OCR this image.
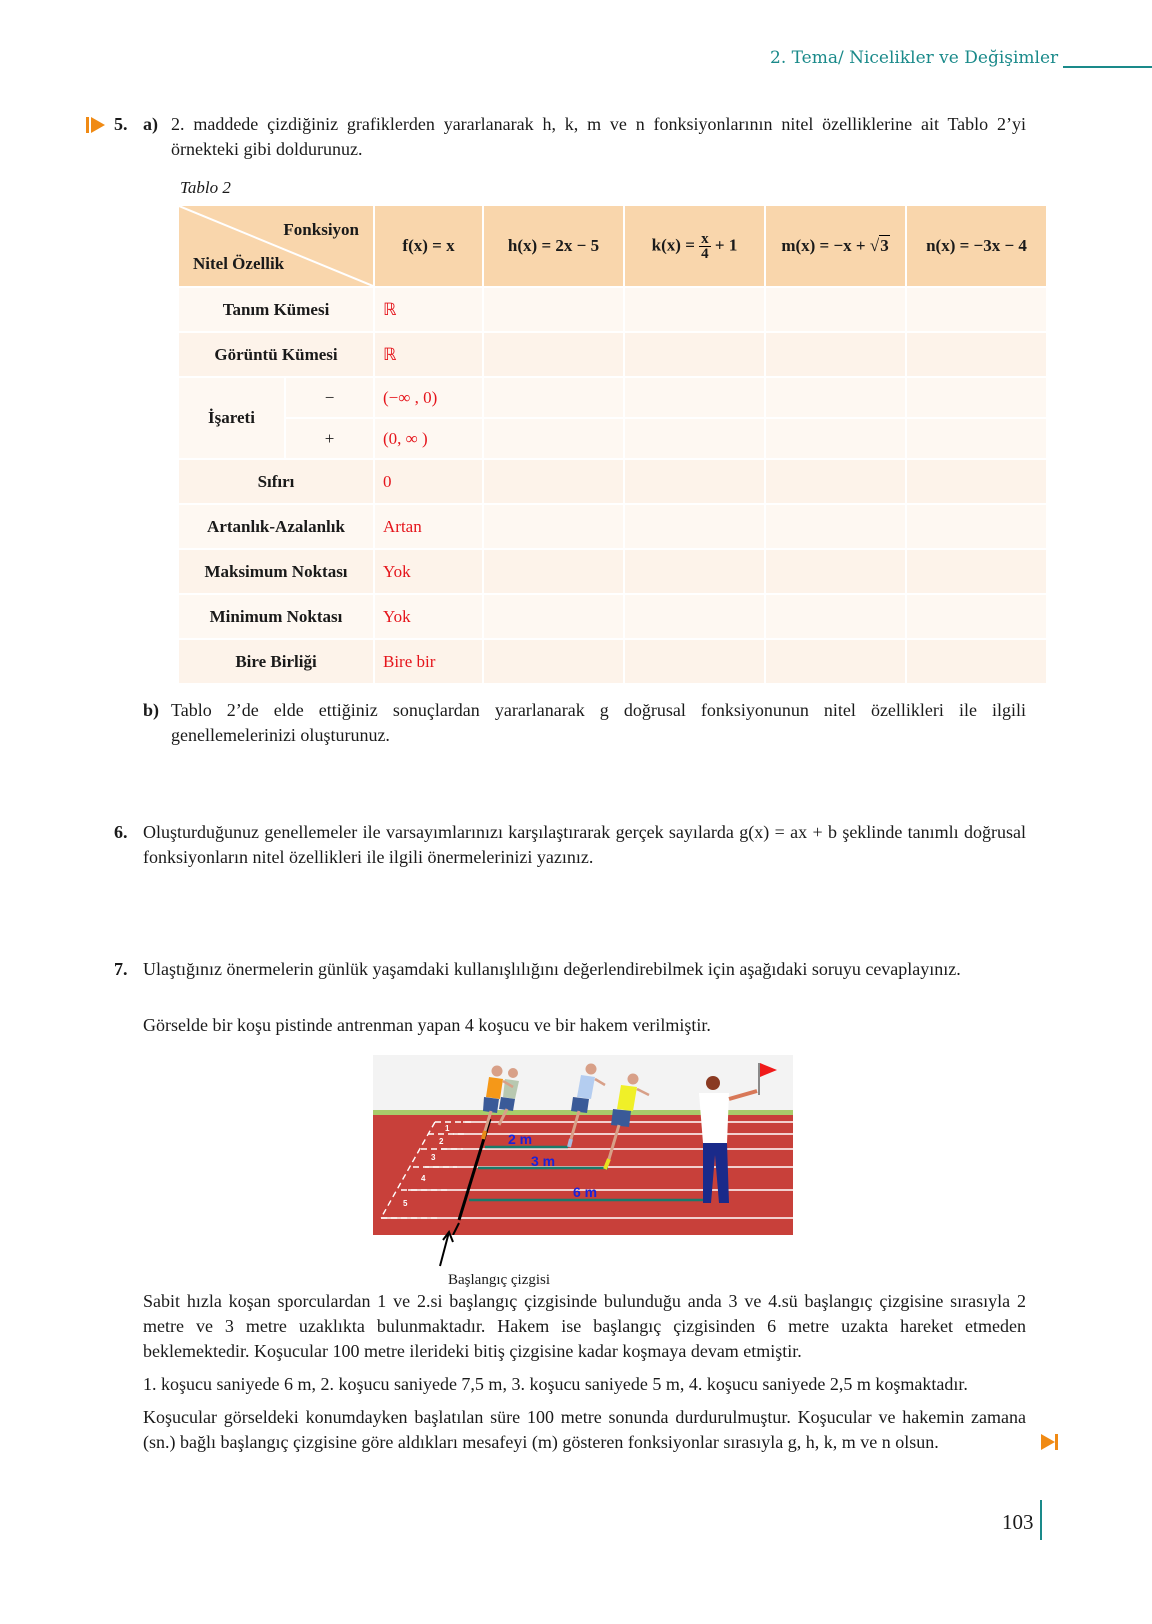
2. Tema/ Nicelikler ve Değişimler
5. a) 2. maddede çizdiğiniz grafiklerden yararlanarak h, k, m ve n fonksiyonlarının nitel özelliklerine ait Tablo 2’yi örnekteki gibi doldurunuz.
Tablo 2
Fonksiyon
Nitel Özellik		f(x) = x	h(x) = 2x − 5	$k(x) = \frac{x}{4} + 1$	m(x) = −x + √3	n(x) = −3x − 4
Tanım Kümesi		ℝ				
Görüntü Kümesi		ℝ				
İşareti	−	(−∞ , 0)				
	+	(0, ∞ )				
Sıfırı		0				
Artanlık-Azalanlık		Artan				
Maksimum Noktası		Yok				
Minimum Noktası		Yok				
Bire Birliği		Bire bir				
b) Tablo 2’de elde ettiğiniz sonuçlardan yararlanarak g doğrusal fonksiyonunun nitel özellikleri ile ilgili genellemelerinizi oluşturunuz.
6. Oluşturduğunuz genellemeler ile varsayımlarınızı karşılaştırarak gerçek sayılarda g(x) = ax + b şeklinde tanımlı doğrusal fonksiyonların nitel özellikleri ile ilgili önermelerinizi yazınız.
7. Ulaştığınız önermelerin günlük yaşamdaki kullanışlılığını değerlendirebilmek için aşağıdaki soruyu cevaplayınız.
Görselde bir koşu pistinde antrenman yapan 4 koşucu ve bir hakem verilmiştir.
1
2
3
4
5
2 m
3 m
6 m
Başlangıç çizgisi
Sabit hızla koşan sporculardan 1 ve 2.si başlangıç çizgisinde bulunduğu anda 3 ve 4.sü başlangıç çizgisine sırasıyla 2 metre ve 3 metre uzaklıkta bulunmaktadır. Hakem ise başlangıç çizgisinden 6 metre uzakta hareket etmeden beklemektedir. Koşucular 100 metre ilerideki bitiş çizgisine kadar koşmaya devam etmiştir.
1. koşucu saniyede 6 m, 2. koşucu saniyede 7,5 m, 3. koşucu saniyede 5 m, 4. koşucu saniyede 2,5 m koşmaktadır.
Koşucular görseldeki konumdayken başlatılan süre 100 metre sonunda durdurulmuştur. Koşucular ve hakemin zamana (sn.) bağlı başlangıç çizgisine göre aldıkları mesafeyi (m) gösteren fonksiyonlar sırasıyla g, h, k, m ve n olsun.
103
